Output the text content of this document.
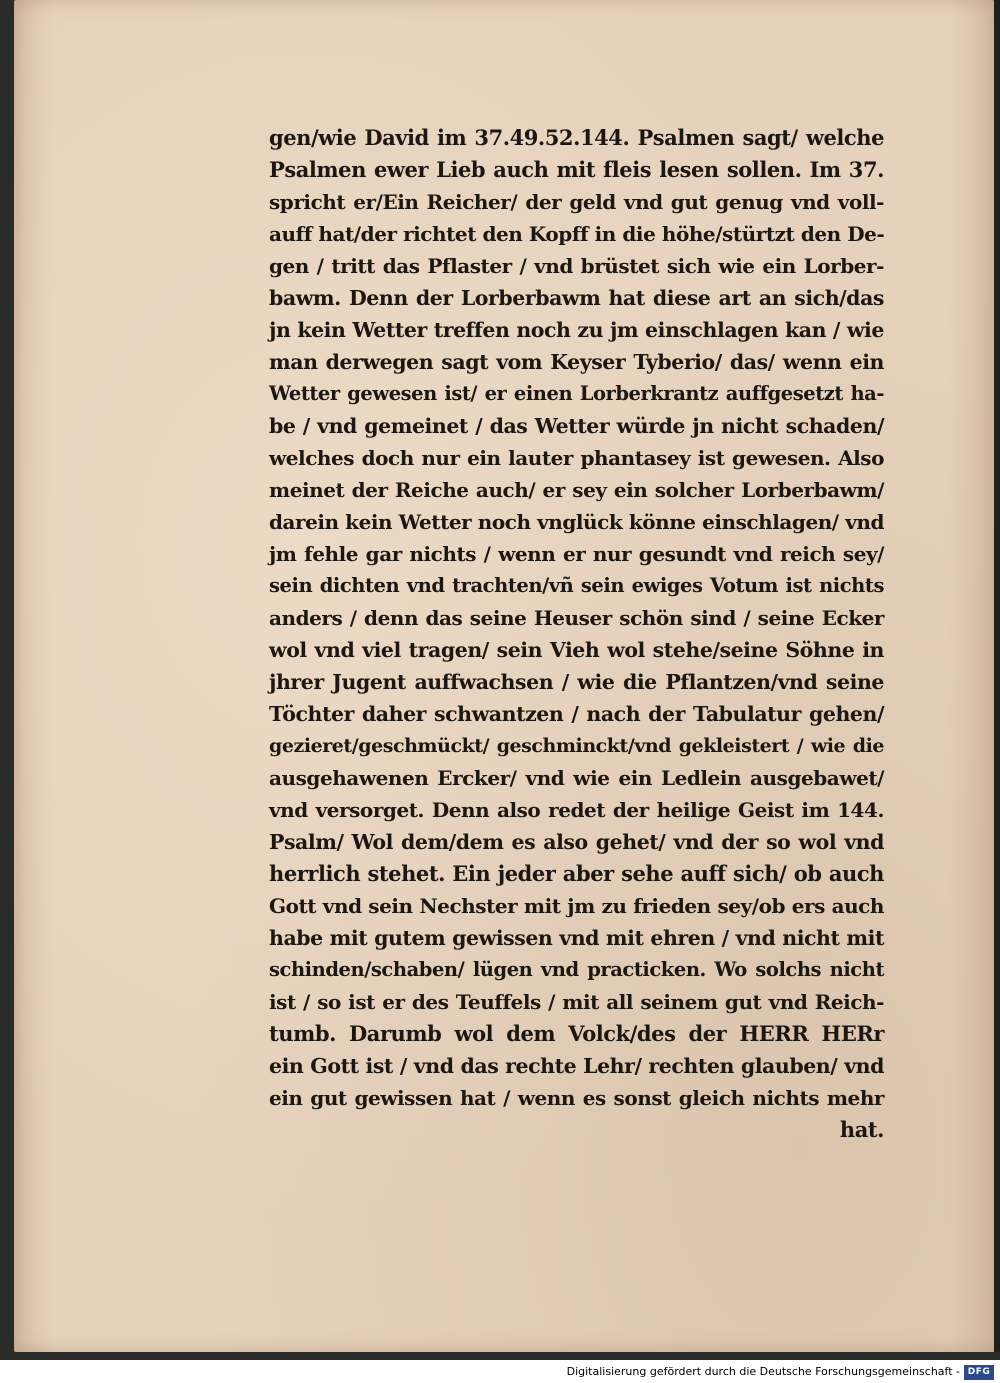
gen/wie David im 37.49.52.144. Psalmen sagt/ welche
Psalmen ewer Lieb auch mit fleis lesen sollen. Im 37.
spricht er/Ein Reicher/ der geld vnd gut genug vnd voll-
auff hat/der richtet den Kopff in die höhe/stürtzt den De-
gen / tritt das Pflaster / vnd brüstet sich wie ein Lorber-
bawm. Denn der Lorberbawm hat diese art an sich/das
jn kein Wetter treffen noch zu jm einschlagen kan / wie
man derwegen sagt vom Keyser Tyberio/ das/ wenn ein
Wetter gewesen ist/ er einen Lorberkrantz auffgesetzt ha-
be / vnd gemeinet / das Wetter würde jn nicht schaden/
welches doch nur ein lauter phantasey ist gewesen. Also
meinet der Reiche auch/ er sey ein solcher Lorberbawm/
darein kein Wetter noch vnglück könne einschlagen/ vnd
jm fehle gar nichts / wenn er nur gesundt vnd reich sey/
sein dichten vnd trachten/vñ sein ewiges Votum ist nichts
anders / denn das seine Heuser schön sind / seine Ecker
wol vnd viel tragen/ sein Vieh wol stehe/seine Söhne in
jhrer Jugent auffwachsen / wie die Pflantzen/vnd seine
Töchter daher schwantzen / nach der Tabulatur gehen/
gezieret/geschmückt/ geschminckt/vnd gekleistert / wie die
ausgehawenen Ercker/ vnd wie ein Ledlein ausgebawet/
vnd versorget. Denn also redet der heilige Geist im 144.
Psalm/ Wol dem/dem es also gehet/ vnd der so wol vnd
herrlich stehet. Ein jeder aber sehe auff sich/ ob auch
Gott vnd sein Nechster mit jm zu frieden sey/ob ers auch
habe mit gutem gewissen vnd mit ehren / vnd nicht mit
schinden/schaben/ lügen vnd practicken. Wo solchs nicht
ist / so ist er des Teuffels / mit all seinem gut vnd Reich-
tumb. Darumb wol dem Volck/des der HERR HERr
ein Gott ist / vnd das rechte Lehr/ rechten glauben/ vnd
ein gut gewissen hat / wenn es sonst gleich nichts mehr
hat.
Digitalisierung gefördert durch die Deutsche Forschungsgemeinschaft - DFG
